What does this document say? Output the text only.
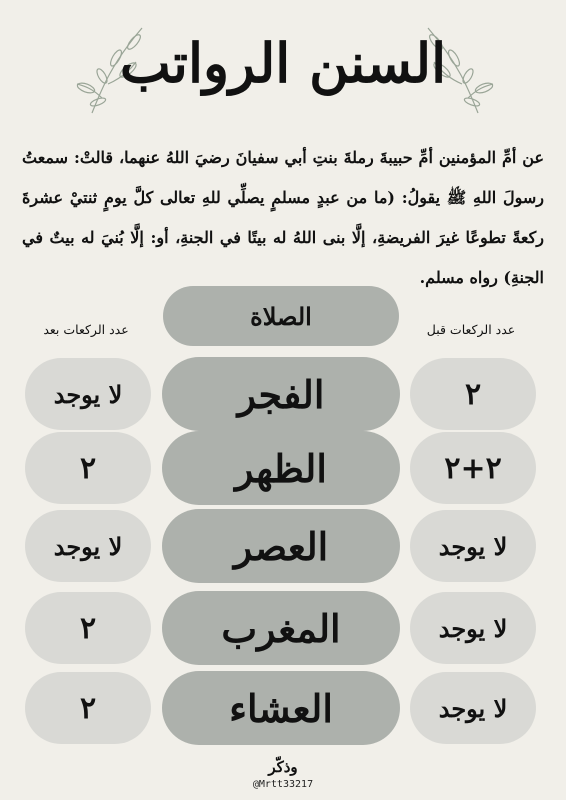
السنن الرواتب
عن أمِّ المؤمنين أمِّ حبيبةَ رملةَ بنتِ أبي سفيانَ رضيَ اللهُ عنهما، قالتْ: سمعتُ رسولَ اللهِ ﷺ يقولُ: (ما من عبدٍ مسلمٍ يصلِّي للهِ تعالى كلَّ يومٍ ثنتيْ عشرةَ ركعةً تطوعًا غيرَ الفريضةِ، إلَّا بنى اللهُ له بيتًا في الجنةِ، أو: إلَّا بُنيَ له بيتٌ في الجنةِ) رواه مسلم.
عدد الركعات قبل
الصلاة
عدد الركعات بعد
٢
الفجر
لا يوجد
٢+٢
الظهر
٢
لا يوجد
العصر
لا يوجد
لا يوجد
المغرب
٢
لا يوجد
العشاء
٢
وذكّر
@Mrtt33217
